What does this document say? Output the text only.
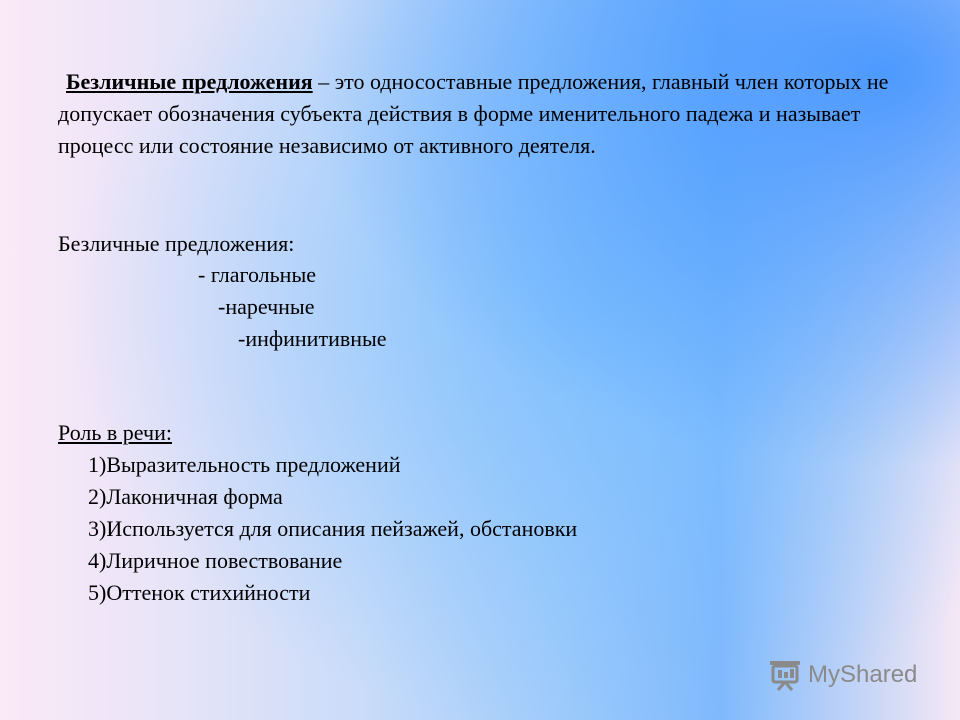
Безличные предложения – это односоставные предложения, главный член которых не допускает обозначения субъекта действия в форме именительного падежа и называет процесс или состояние независимо от активного деятеля.
Безличные предложения:
- глагольные
-наречные
-инфинитивные
Роль в речи:
1)Выразительность предложений
2)Лаконичная форма
3)Используется для описания пейзажей, обстановки
4)Лиричное повествование
5)Оттенок стихийности
MyShared
